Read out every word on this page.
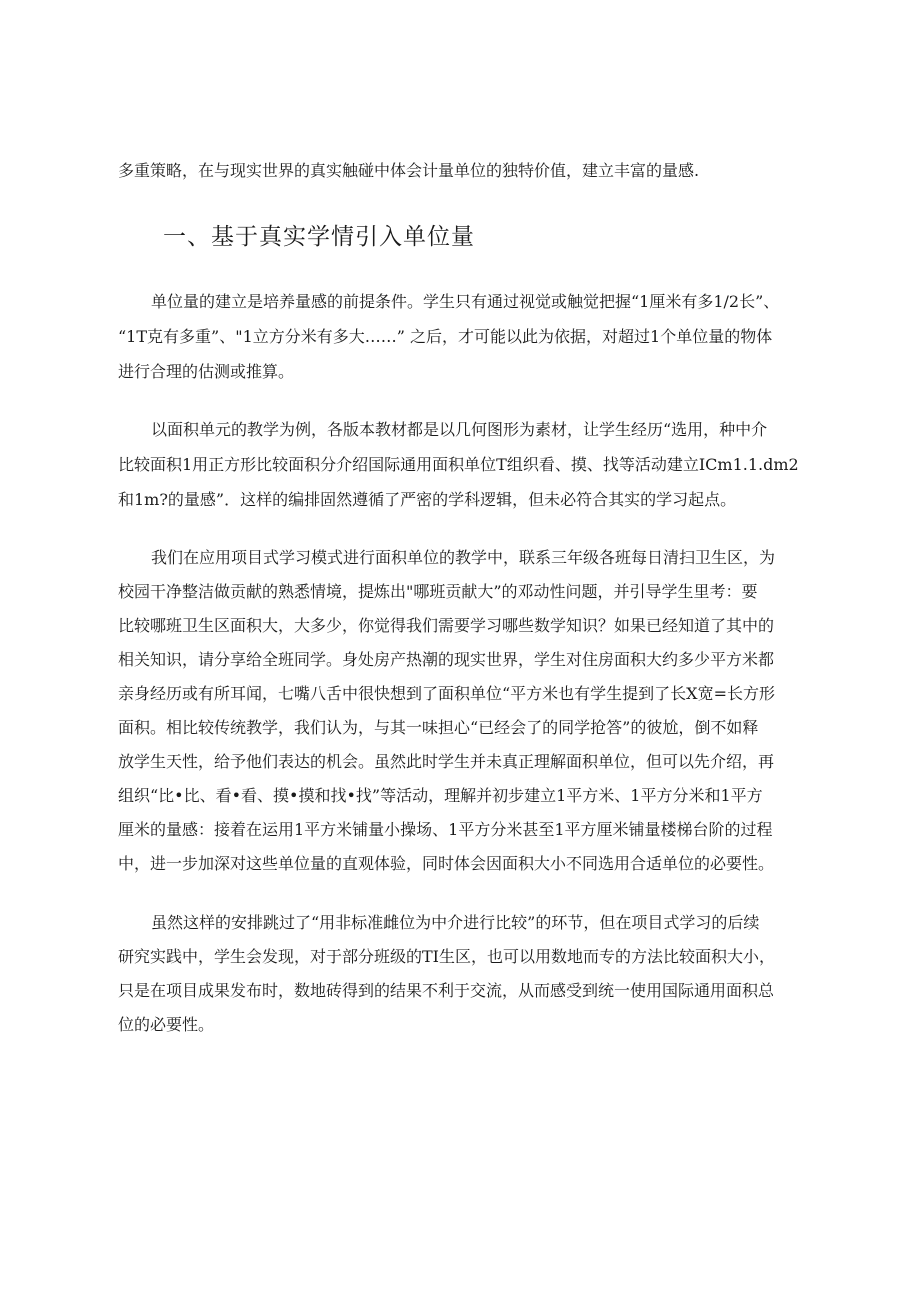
多重策略，在与现实世界的真实触碰中体会计量单位的独特价值，建立丰富的量感.
一、基于真实学情引入单位量
单位量的建立是培养量感的前提条件。学生只有通过视觉或触觉把握“1厘米有多1/2长”、
“1T克有多重”、"1立方分米有多大……” 之后，才可能以此为依据，对超过1个单位量的物体
进行合理的估测或推算。
以面积单元的教学为例，各版本教材都是以几何图形为素材，让学生经历“选用，种中介
比较面积1用正方形比较面积分介绍国际通用面积单位T组织看、摸、找等活动建立ICm1.1.dm2
和1m?的量感”．这样的编排固然遵循了严密的学科逻辑，但未必符合其实的学习起点。
我们在应用项目式学习模式进行面积单位的教学中，联系三年级各班每日清扫卫生区，为
校园干净整洁做贡献的熟悉情境，提炼出"哪班贡献大”的邓动性问题，并引导学生里考：要
比较哪班卫生区面积大，大多少，你觉得我们需要学习哪些数学知识？如果已经知道了其中的
相关知识，请分享给全班同学。身处房产热潮的现实世界，学生对住房面积大约多少平方米都
亲身经历或有所耳闻，七嘴八舌中很快想到了面积单位“平方米也有学生提到了长X宽=长方形
面积。相比较传统教学，我们认为，与其一味担心“已经会了的同学抢答”的彼尬，倒不如释
放学生天性，给予他们表达的机会。虽然此时学生并未真正理解面积单位，但可以先介绍，再
组织“比•比、看•看、摸•摸和找•找”等活动，理解并初步建立1平方米、1平方分米和1平方
厘米的量感：接着在运用1平方米铺量小操场、1平方分米甚至1平方厘米铺量楼梯台阶的过程
中，进一步加深对这些单位量的直观体验，同时体会因面积大小不同选用合适单位的必要性。
虽然这样的安排跳过了“用非标准雌位为中介进行比较”的环节，但在项目式学习的后续
研究实践中，学生会发现，对于部分班级的TI生区，也可以用数地而专的方法比较面积大小，
只是在项目成果发布时，数地砖得到的结果不利于交流，从而感受到统一使用国际通用面积总
位的必要性。
